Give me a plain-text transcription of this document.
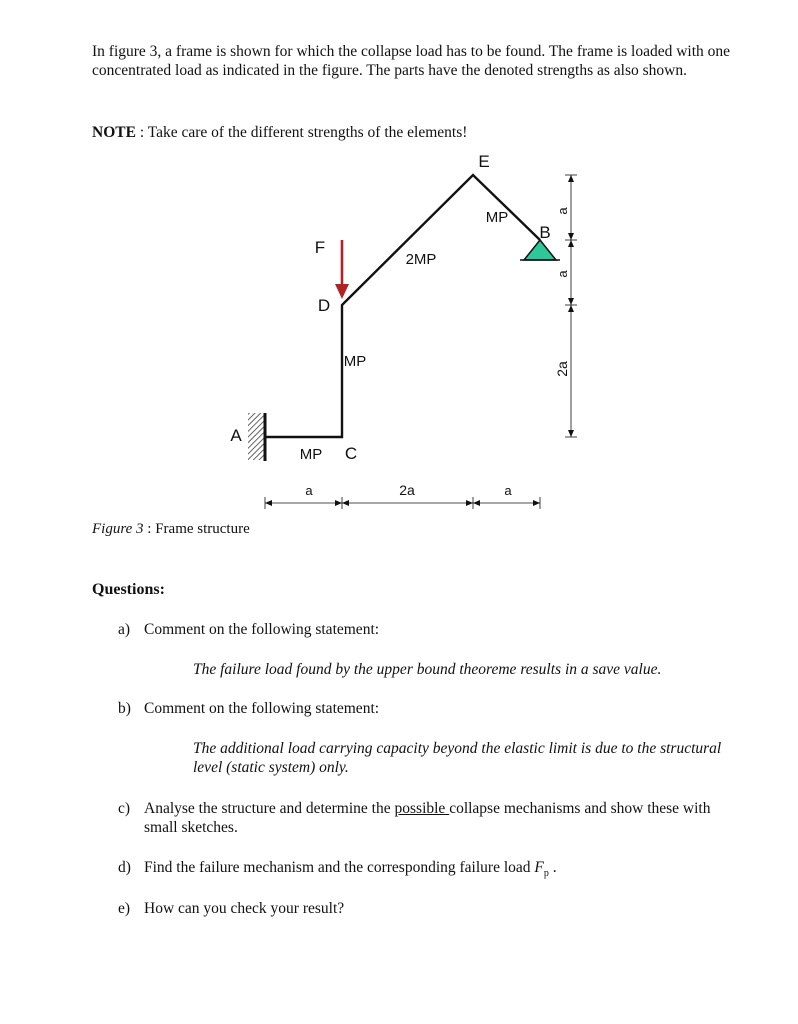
In figure 3, a frame is shown for which the collapse load has to be found. The frame is loaded with one concentrated load as indicated in the figure. The parts have the denoted strengths as also shown.

NOTE : Take care of the different strengths of the elements!

E
B
D
C
A
F
MP
2MP
MP
MP
a	2a	a
a
a
2a

Figure 3 : Frame structure

Questions:

a) Comment on the following statement:

The failure load found by the upper bound theoreme results in a save value.

b) Comment on the following statement:

The additional load carrying capacity beyond the elastic limit is due to the structural level (static system) only.

c) Analyse the structure and determine the possible collapse mechanisms and show these with small sketches.

d) Find the failure mechanism and the corresponding failure load $F_p$ .

e) How can you check your result?
